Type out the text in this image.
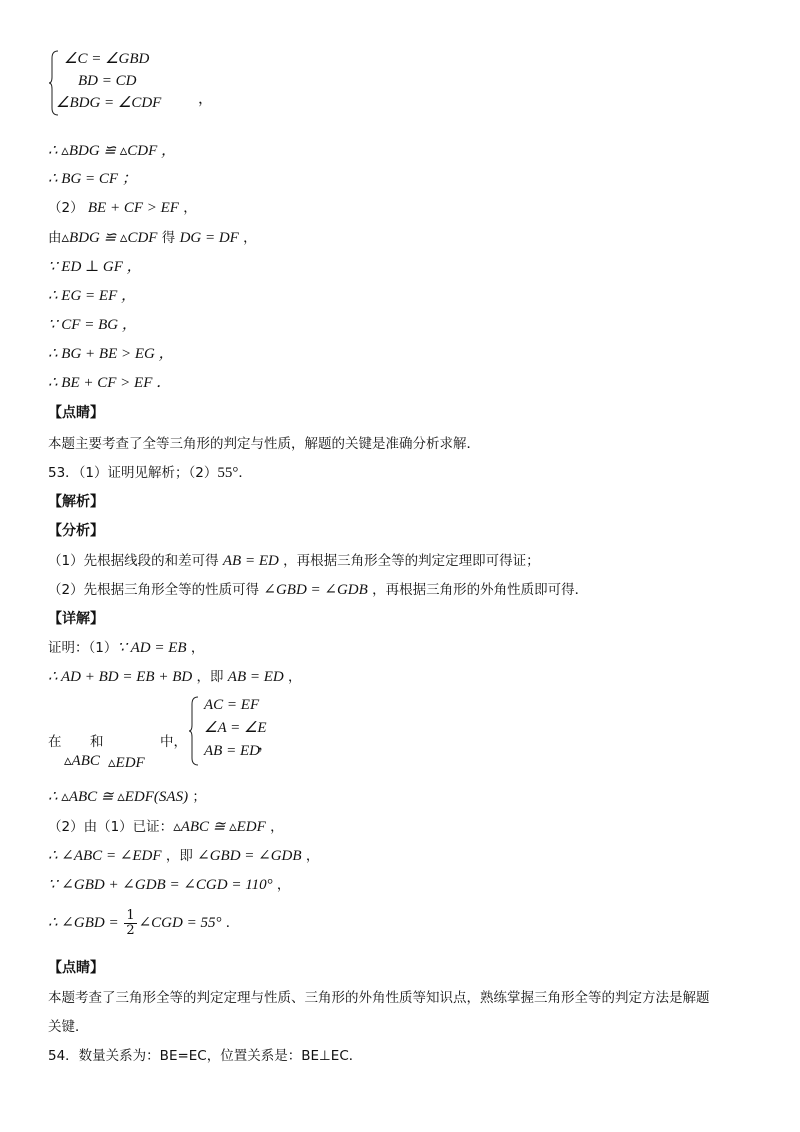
∠C = ∠GBD
BD = CD
∠BDG = ∠CDF ，
∴ ▵BDG ≌ ▵CDF ，
∴ BG = CF ；
（2） BE + CF > EF ，
由▵BDG ≌ ▵CDF 得 DG = DF ，
∵ ED ⊥ GF ，
∴ EG = EF ，
∵ CF = BG ，
∴ BG + BE > EG ，
∴ BE + CF > EF ．
【点睛】
本题主要考查了全等三角形的判定与性质，解题的关键是准确分析求解．
53．（1）证明见解析；（2）55°．
【解析】
【分析】
（1）先根据线段的和差可得 AB = ED ，再根据三角形全等的判定定理即可得证；
（2）先根据三角形全等的性质可得 ∠GBD = ∠GDB ，再根据三角形的外角性质即可得．
【详解】
证明：（1）∵ AD = EB ，
∴ AD + BD = EB + BD ，即 AB = ED ，
在
▵ABC
和
▵EDF
中，
AC = EF
∠A = ∠E
AB = ED
，
∴ ▵ABC ≅ ▵EDF(SAS) ；
（2）由（1）已证：▵ABC ≅ ▵EDF ，
∴ ∠ABC = ∠EDF ，即 ∠GBD = ∠GDB ，
∵ ∠GBD + ∠GDB = ∠CGD = 110° ，
∴ ∠GBD = $\frac{1}{2}$ ∠CGD = 55° ．
【点睛】
本题考查了三角形全等的判定定理与性质、三角形的外角性质等知识点，熟练掌握三角形全等的判定方法是解题
关键．
54．数量关系为：BE=EC，位置关系是：BE⊥EC．
